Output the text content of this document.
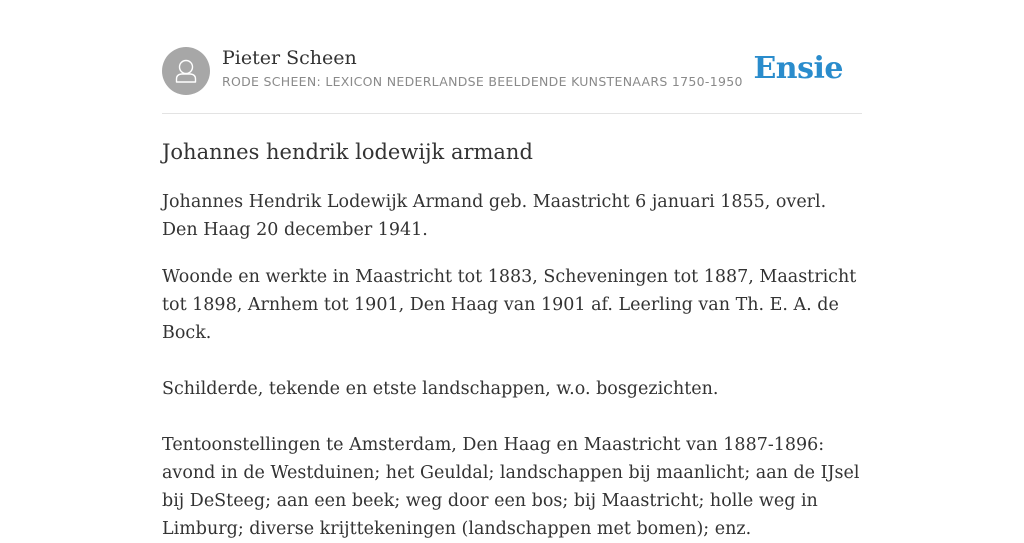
Pieter Scheen
RODE SCHEEN: LEXICON NEDERLANDSE BEELDENDE KUNSTENAARS 1750-1950 Ensie
Johannes hendrik lodewijk armand

Johannes Hendrik Lodewijk Armand geb. Maastricht 6 januari 1855, overl. Den Haag 20 december 1941.

Woonde en werkte in Maastricht tot 1883, Scheveningen tot 1887, Maastricht tot 1898, Arnhem tot 1901, Den Haag van 1901 af. Leerling van Th. E. A. de Bock.

Schilderde, tekende en etste landschappen, w.o. bosgezichten.

Tentoonstellingen te Amsterdam, Den Haag en Maastricht van 1887-1896: avond in de Westduinen; het Geuldal; landschappen bij maanlicht; aan de IJsel bij DeSteeg; aan een beek; weg door een bos; bij Maastricht; holle weg in Limburg; diverse krijttekeningen (landschappen met bomen); enz.
